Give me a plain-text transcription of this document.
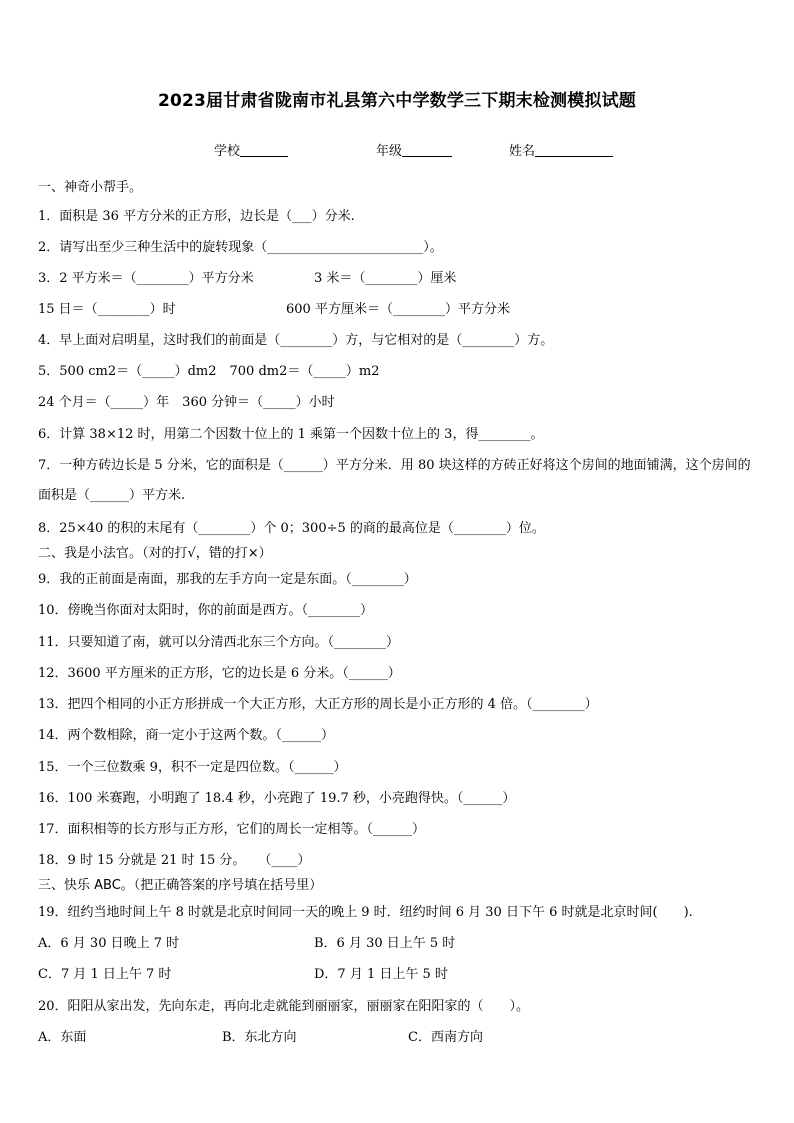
2023届甘肃省陇南市礼县第六中学数学三下期末检测模拟试题
学校	年级	姓名
一、神奇小帮手。
1．面积是 36 平方分米的正方形，边长是（___）分米.
2．请写出至少三种生活中的旋转现象（________________________）。
3．2 平方米＝（________）平方分米	3 米＝（________）厘米
15 日＝（________）时	600 平方厘米＝（________）平方分米
4．早上面对启明星，这时我们的前面是（________）方，与它相对的是（________）方。
5．500 cm2＝（_____）dm2　700 dm2＝（_____）m2
24 个月＝（_____）年　360 分钟＝（_____）小时
6．计算 38×12 时，用第二个因数十位上的 1 乘第一个因数十位上的 3，得________。
7．一种方砖边长是 5 分米，它的面积是（______）平方分米．用 80 块这样的方砖正好将这个房间的地面铺满，这个房间的面积是（______）平方米.
8．25×40 的积的末尾有（________）个 0；300÷5 的商的最高位是（________）位。
二、我是小法官。（对的打√，错的打×）
9．我的正前面是南面，那我的左手方向一定是东面。（________）
10．傍晚当你面对太阳时，你的前面是西方。（________）
11．只要知道了南，就可以分清西北东三个方向。（________）
12．3600 平方厘米的正方形，它的边长是 6 分米。（______）
13．把四个相同的小正方形拼成一个大正方形，大正方形的周长是小正方形的 4 倍。（________）
14．两个数相除，商一定小于这两个数。（______）
15．一个三位数乘 9，积不一定是四位数。（______）
16．100 米赛跑，小明跑了 18.4 秒，小亮跑了 19.7 秒，小亮跑得快。（______）
17．面积相等的长方形与正方形，它们的周长一定相等。（______）
18．9 时 15 分就是 21 时 15 分。　　（____）
三、快乐 ABC。（把正确答案的序号填在括号里）
19．纽约当地时间上午 8 时就是北京时间同一天的晚上 9 时．纽约时间 6 月 30 日下午 6 时就是北京时间(　　).
A．6 月 30 日晚上 7 时	B．6 月 30 日上午 5 时
C．7 月 1 日上午 7 时	D．7 月 1 日上午 5 时
20．阳阳从家出发，先向东走，再向北走就能到丽丽家，丽丽家在阳阳家的（　　）。
A．东面	B．东北方向	C．西南方向
